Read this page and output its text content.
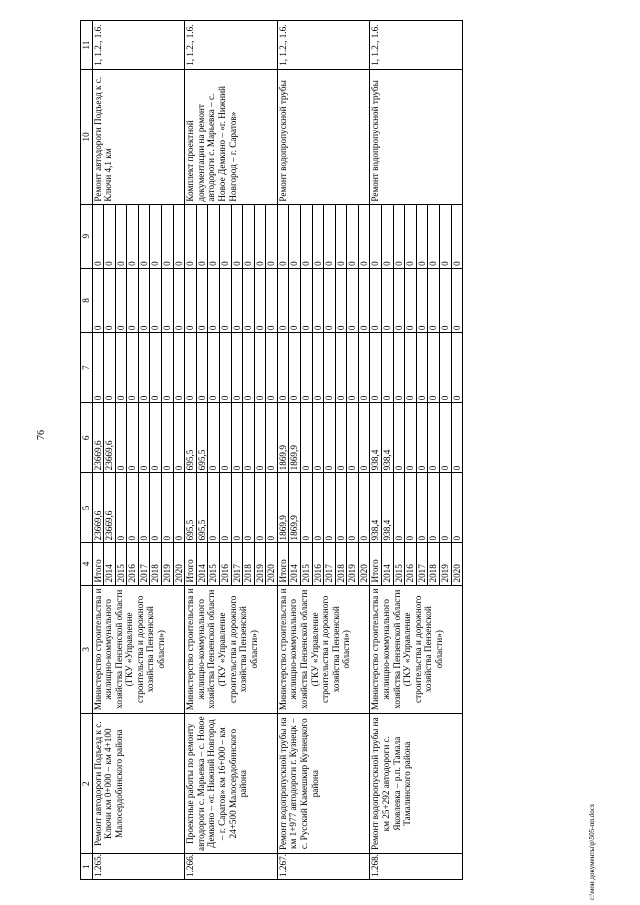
76
1	2	3	4	5	6	7	8	9	10	11
1.265.	Ремонт автодороги Подъезд к с. Ключи км 0+000 – км 4+100 Малосердобинского района	Министерство строительства и жилищно-коммунального хозяйства Пензенской области (ГКУ «Управление строительства и дорожного хозяйства Пензенской области»)	Итого	23669,6	23669,6	0	0	0	Ремонт автодороги Подъезд к с. Ключи 4,1 км	1, 1.2., 1.6.
			2014	23669,6	23669,6	0	0	0		
			2015	0	0	0	0	0		
			2016	0	0	0	0	0		
			2017	0	0	0	0	0		
			2018	0	0	0	0	0		
			2019	0	0	0	0	0		
			2020	0	0	0	0	0		
1.266.	Проектные работы по ремонту автодороги с. Марьевка – с. Новое Демкино – «г. Нижний Новгород – г. Саратов» км 16+000 – км 24+500 Малосердобинского района	Министерство строительства и жилищно-коммунального хозяйства Пензенской области (ГКУ «Управление строительства и дорожного хозяйства Пензенской области»)	Итого	695,5	695,5	0	0	0	Комплект проектной документации на ремонт автодороги с. Марьевка – с. Новое Демкино – «г. Нижний Новгород – г. Саратов»	1, 1.2., 1.6.
			2014	695,5	695,5	0	0	0		
			2015	0	0	0	0	0		
			2016	0	0	0	0	0		
			2017	0	0	0	0	0		
			2018	0	0	0	0	0		
			2019	0	0	0	0	0		
			2020	0	0	0	0	0		
1.267.	Ремонт водопропускной трубы на км 1+977 автодороги г. Кузнецк – с. Русский Камешкир Кузнецкого района	Министерство строительства и жилищно-коммунального хозяйства Пензенской области (ГКУ «Управление строительства и дорожного хозяйства Пензенской области»)	Итого	1869,9	1869,9	0	0	0	Ремонт водопропускной трубы	1, 1.2., 1.6.
			2014	1869,9	1869,9	0	0	0		
			2015	0	0	0	0	0		
			2016	0	0	0	0	0		
			2017	0	0	0	0	0		
			2018	0	0	0	0	0		
			2019	0	0	0	0	0		
			2020	0	0	0	0	0		
1.268.	Ремонт водопропускной трубы на км 25+292 автодороги с. Яковлевка – р.п. Тамала Тамалинского района	Министерство строительства и жилищно-коммунального хозяйства Пензенской области (ГКУ «Управление строительства и дорожного хозяйства Пензенской области»)	Итого	938,4	938,4	0	0	0	Ремонт водопропускной трубы	1, 1.2., 1.6.
			2014	938,4	938,4	0	0	0		
			2015	0	0	0	0	0		
			2016	0	0	0	0	0		
			2017	0	0	0	0	0		
			2018	0	0	0	0	0		
			2019	0	0	0	0	0		
			2020	0	0	0	0	0		
c:\мои документы\p\505-пп.docx
